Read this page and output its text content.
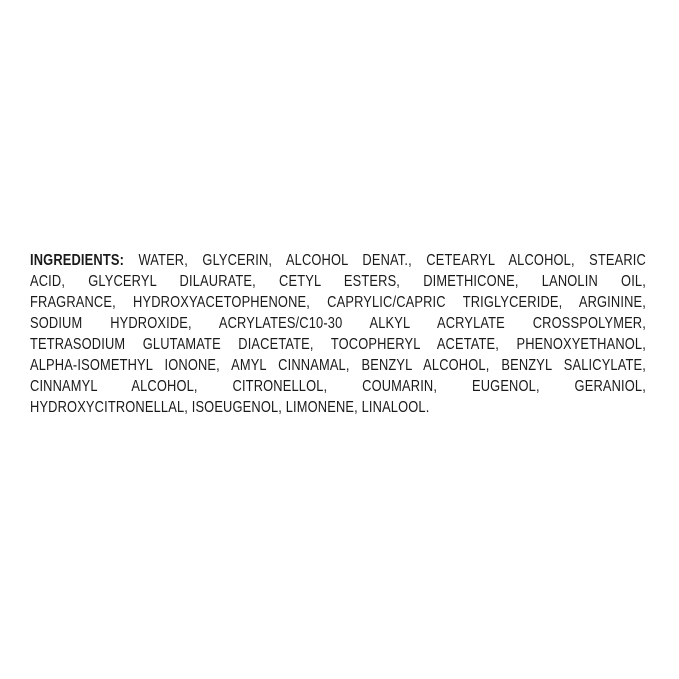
INGREDIENTS: WATER, GLYCERIN, ALCOHOL DENAT., CETEARYL ALCOHOL, STEARIC
ACID, GLYCERYL DILAURATE, CETYL ESTERS, DIMETHICONE, LANOLIN OIL,
FRAGRANCE, HYDROXYACETOPHENONE, CAPRYLIC/CAPRIC TRIGLYCERIDE, ARGININE,
SODIUM HYDROXIDE, ACRYLATES/C10-30 ALKYL ACRYLATE CROSSPOLYMER,
TETRASODIUM GLUTAMATE DIACETATE, TOCOPHERYL ACETATE, PHENOXYETHANOL,
ALPHA-ISOMETHYL IONONE, AMYL CINNAMAL, BENZYL ALCOHOL, BENZYL SALICYLATE,
CINNAMYL ALCOHOL, CITRONELLOL, COUMARIN, EUGENOL, GERANIOL,
HYDROXYCITRONELLAL, ISOEUGENOL, LIMONENE, LINALOOL.
